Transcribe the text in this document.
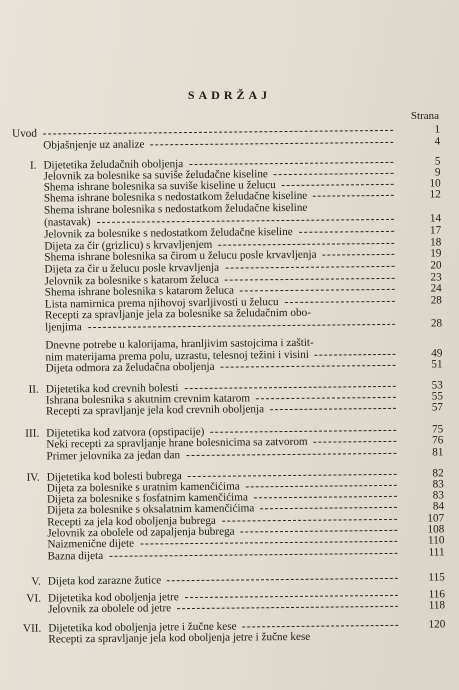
SADRŽAJ
Strana
Uvod	1
Objašnjenje uz analize	4
I. Dijetetika želudačnih oboljenja	5
Jelovnik za bolesnike sa suviše želudačne kiseline	9
Shema ishrane bolesnika sa suviše kiseline u želucu	10
Shema ishrane bolesnika s nedostatkom želudačne kiseline	12
Shema ishrane bolesnika s nedostatkom želudačne kiseline
(nastavak)	14
Jelovnik za bolesnike s nedostatkom želudačne kiseline	17
Dijeta za čir (grizlicu) s krvavljenjem	18
Shema ishrane bolesnika sa čirom u želucu posle krvavljenja	19
Dijeta za čir u želucu posle krvavljenja	20
Jelovnik za bolesnike s katarom želuca	23
Shema ishrane bolesnika s katarom želuca	24
Lista namirnica prema njihovoj svarljivosti u želucu	28
Recepti za spravljanje jela za bolesnike sa želudačnim obo-
ljenjima	28
Dnevne potrebe u kalorijama, hranljivim sastojcima i zaštit-
nim materijama prema polu, uzrastu, telesnoj težini i visini	49
Dijeta odmora za želudačna oboljenja	51
II. Dijetetika kod crevnih bolesti	53
Ishrana bolesnika s akutnim crevnim katarom	55
Recepti za spravljanje jela kod crevnih oboljenja	57
III. Dijetetika kod zatvora (opstipacije)	75
Neki recepti za spravljanje hrane bolesnicima sa zatvorom	76
Primer jelovnika za jedan dan	81
IV. Dijetetika kod bolesti bubrega	82
Dijeta za bolesnike s uratnim kamenčićima	83
Dijeta za bolesnike s fosfatnim kamenčićima	83
Dijeta za bolesnike s oksalatnim kamenčićima	84
Recepti za jela kod oboljenja bubrega	107
Jelovnik za obolele od zapaljenja bubrega	108
Naizmenične dijete	110
Bazna dijeta	111
V. Dijeta kod zarazne žutice	115
VI. Dijetetika kod oboljenja jetre	116
Jelovnik za obolele od jetre	118
VII. Dijetetika kod oboljenja jetre i žučne kese	120
Recepti za spravljanje jela kod oboljenja jetre i žučne kese
